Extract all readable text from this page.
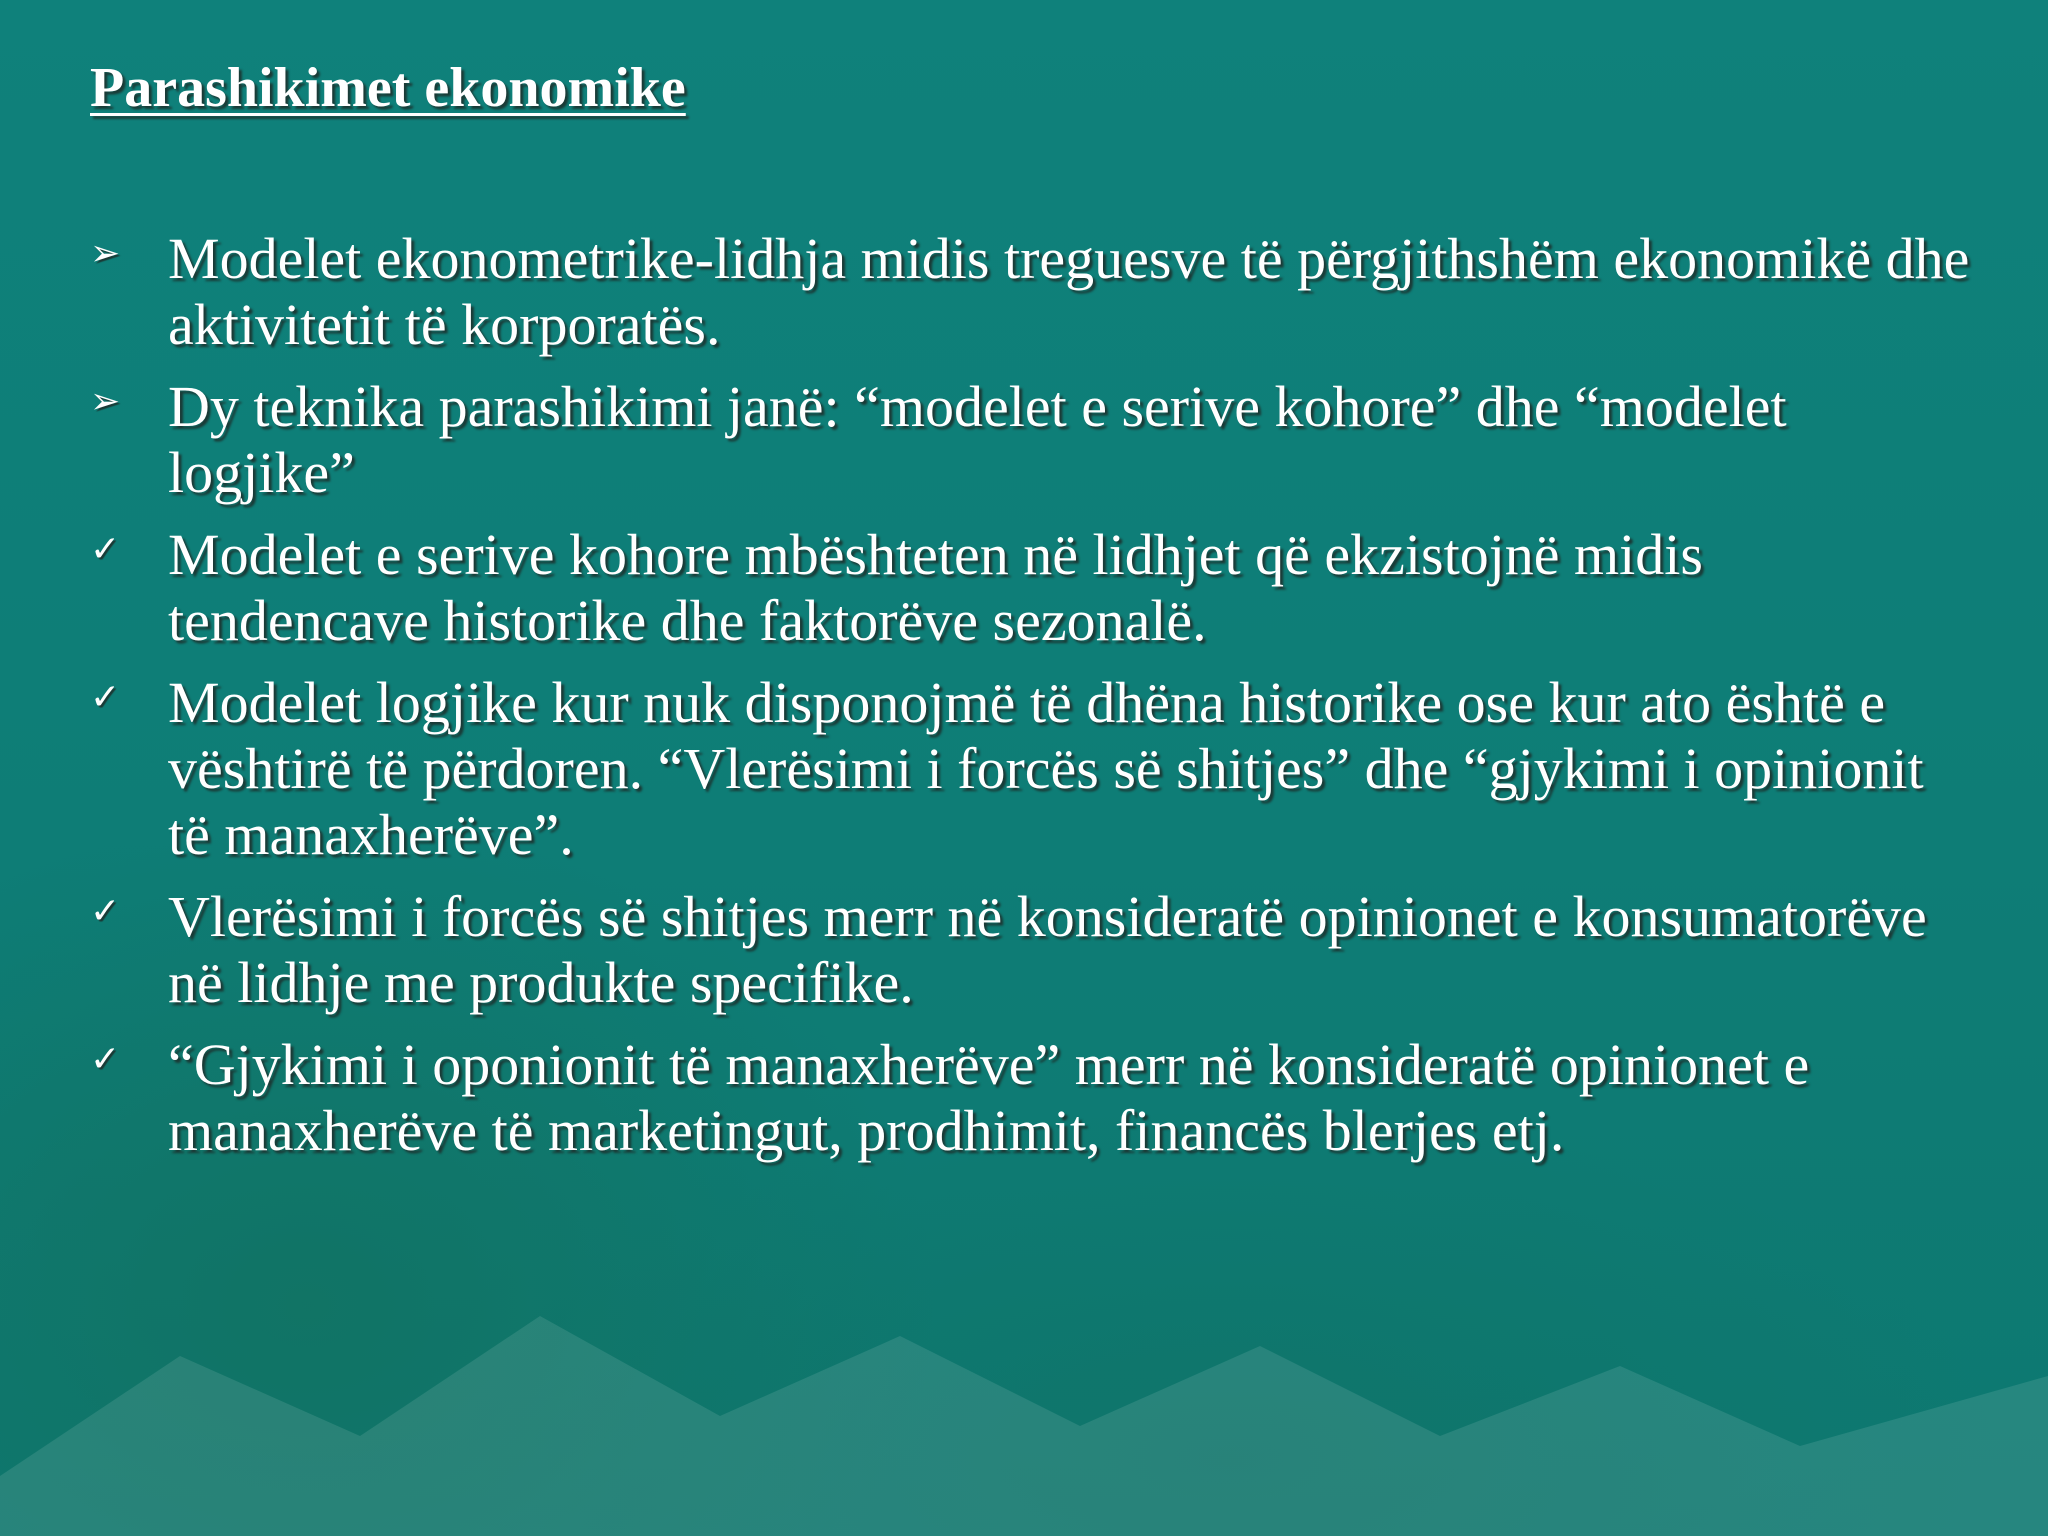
Parashikimet ekonomike
➢ Modelet ekonometrike-lidhja midis treguesve të përgjithshëm ekonomikë dhe aktivitetit të korporatës.
➢ Dy teknika parashikimi janë: “modelet e serive kohore” dhe “modelet logjike”
✓ Modelet e serive kohore mbështeten në lidhjet që ekzistojnë midis tendencave historike dhe faktorëve sezonalë.
✓ Modelet logjike kur nuk disponojmë të dhëna historike ose kur ato është e vështirë të përdoren. “Vlerësimi i forcës së shitjes” dhe “gjykimi i opinionit të manaxherëve”.
✓ Vlerësimi i forcës së shitjes merr në konsideratë opinionet e konsumatorëve në lidhje me produkte specifike.
✓ “Gjykimi i oponionit të manaxherëve” merr në konsideratë opinionet e manaxherëve të marketingut, prodhimit, financës blerjes etj.
